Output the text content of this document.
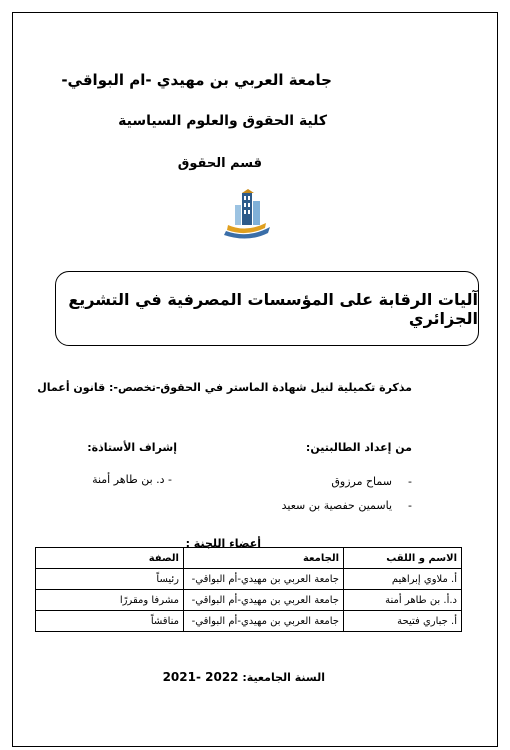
جامعة العربي بن مهيدي -ام البواقي-
كلية الحقوق والعلوم السياسية
قسم الحقوق
آليات الرقابة على المؤسسات المصرفية في التشريع الجزائري
مذكرة تكميلية لنيل شهادة الماستر في الحقوق-تخصص-: قانون أعمال
من إعداد الطالبتين:
إشراف الأستاذة:
-سماح مرزوق
-ياسمين حفصية بن سعيد
- د. بن طاهر أمنة
أعضاء اللجنة :
الاسم و اللقب	الجامعة	الصفة
أ. ملاوي إبراهيم	جامعة العربي بن مهيدي-أم البواقي-	رئيساً
د.أ. بن طاهر أمنة	جامعة العربي بن مهيدي-أم البواقي-	مشرفا ومقررًا
أ. جباري فتيحة	جامعة العربي بن مهيدي-أم البواقي-	مناقشاً
السنة الجامعية: 2021- 2022
